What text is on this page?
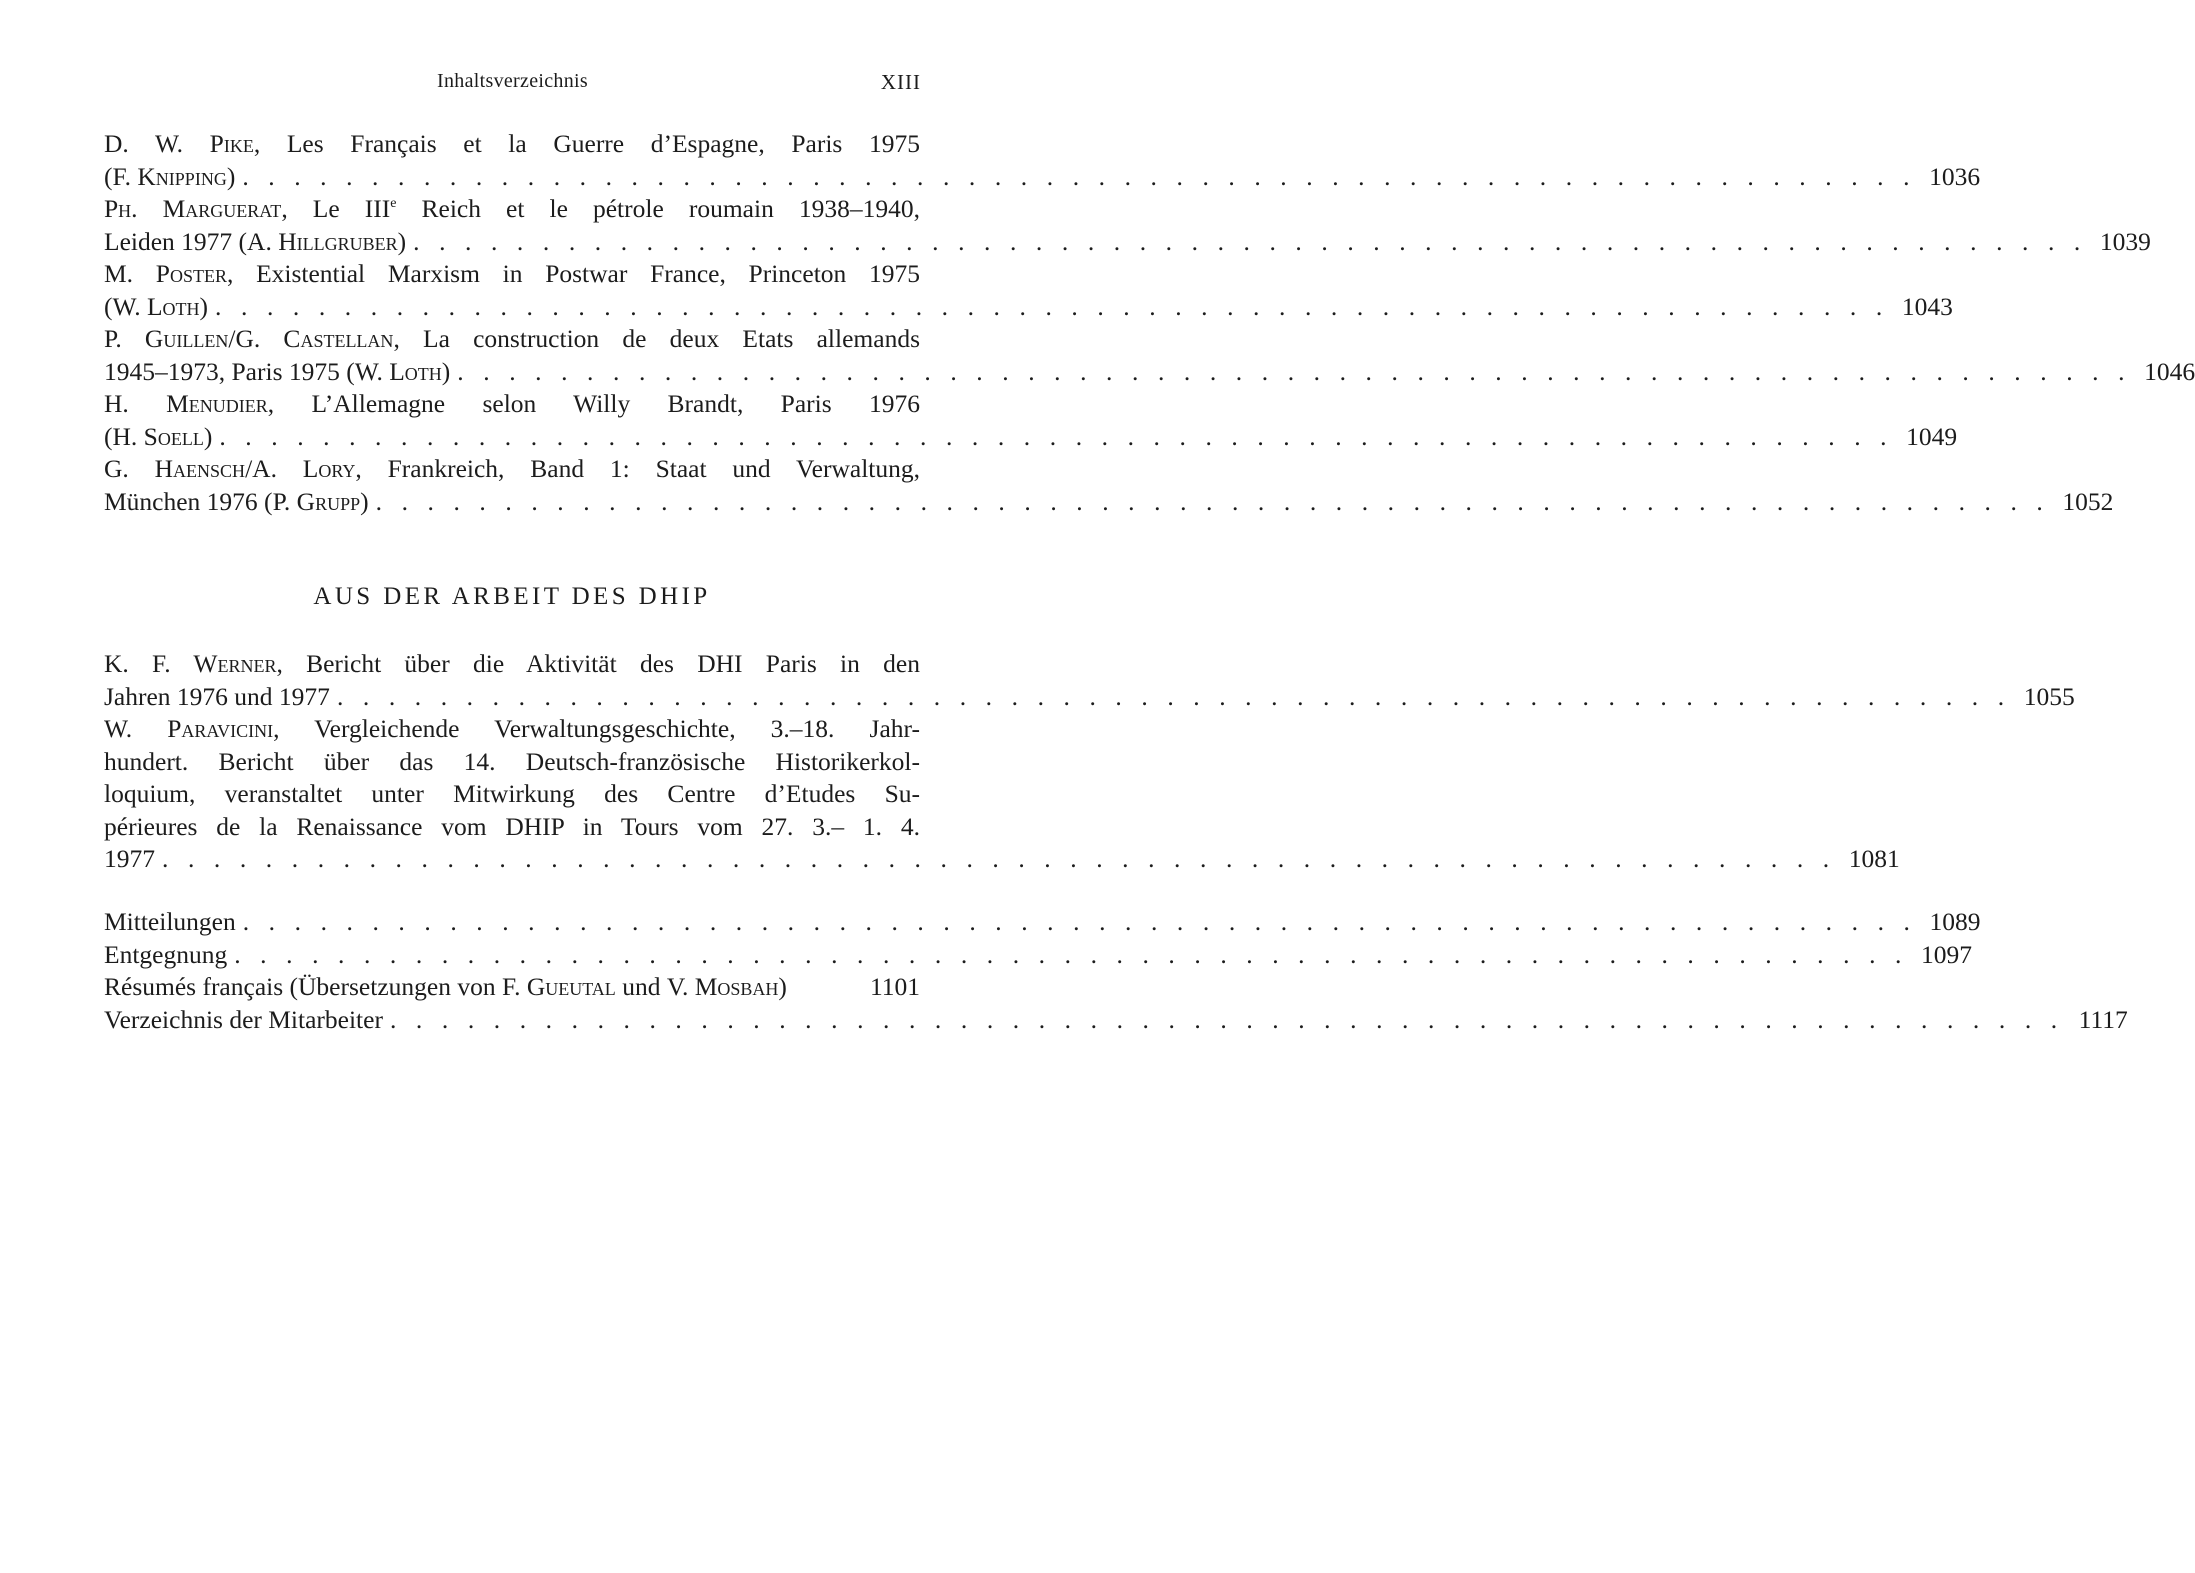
Inhaltsverzeichnis	XIII
D. W. Pike, Les Français et la Guerre d’Espagne, Paris 1975
(F. Knipping) . . . . . . . . . . . . . . . . . . . . . . . . . . . . . . . . . . . . . . . . . . . . . . . . . . . . . . . . . . . . . . . . . 1036
Ph. Marguerat, Le IIIe Reich et le pétrole roumain 1938–1940,
Leiden 1977 (A. Hillgruber) . . . . . . . . . . . . . . . . . . . . . . . . . . . . . . . . . . . . . . . . . . . . . . . . . . . . . . . . . . . . . . . . . 1039
M. Poster, Existential Marxism in Postwar France, Princeton 1975
(W. Loth) . . . . . . . . . . . . . . . . . . . . . . . . . . . . . . . . . . . . . . . . . . . . . . . . . . . . . . . . . . . . . . . . . 1043
P. Guillen/G. Castellan, La construction de deux Etats allemands
1945–1973, Paris 1975 (W. Loth) . . . . . . . . . . . . . . . . . . . . . . . . . . . . . . . . . . . . . . . . . . . . . . . . . . . . . . . . . . . . . . . . . 1046
H. Menudier, L’Allemagne selon Willy Brandt, Paris 1976
(H. Soell) . . . . . . . . . . . . . . . . . . . . . . . . . . . . . . . . . . . . . . . . . . . . . . . . . . . . . . . . . . . . . . . . . 1049
G. Haensch/A. Lory, Frankreich, Band 1: Staat und Verwaltung,
München 1976 (P. Grupp) . . . . . . . . . . . . . . . . . . . . . . . . . . . . . . . . . . . . . . . . . . . . . . . . . . . . . . . . . . . . . . . . . 1052
AUS DER ARBEIT DES DHIP
K. F. Werner, Bericht über die Aktivität des DHI Paris in den
Jahren 1976 und 1977 . . . . . . . . . . . . . . . . . . . . . . . . . . . . . . . . . . . . . . . . . . . . . . . . . . . . . . . . . . . . . . . . . 1055
W. Paravicini, Vergleichende Verwaltungsgeschichte, 3.–18. Jahr-
hundert. Bericht über das 14. Deutsch-französische Historikerkol-
loquium, veranstaltet unter Mitwirkung des Centre d’Etudes Su-
périeures de la Renaissance vom DHIP in Tours vom 27. 3.– 1. 4.
1977 . . . . . . . . . . . . . . . . . . . . . . . . . . . . . . . . . . . . . . . . . . . . . . . . . . . . . . . . . . . . . . . . . 1081
Mitteilungen . . . . . . . . . . . . . . . . . . . . . . . . . . . . . . . . . . . . . . . . . . . . . . . . . . . . . . . . . . . . . . . . . 1089
Entgegnung . . . . . . . . . . . . . . . . . . . . . . . . . . . . . . . . . . . . . . . . . . . . . . . . . . . . . . . . . . . . . . . . . 1097
Résumés français (Übersetzungen von F. Gueutal und V. Mosbah)	1101
Verzeichnis der Mitarbeiter . . . . . . . . . . . . . . . . . . . . . . . . . . . . . . . . . . . . . . . . . . . . . . . . . . . . . . . . . . . . . . . . . 1117
